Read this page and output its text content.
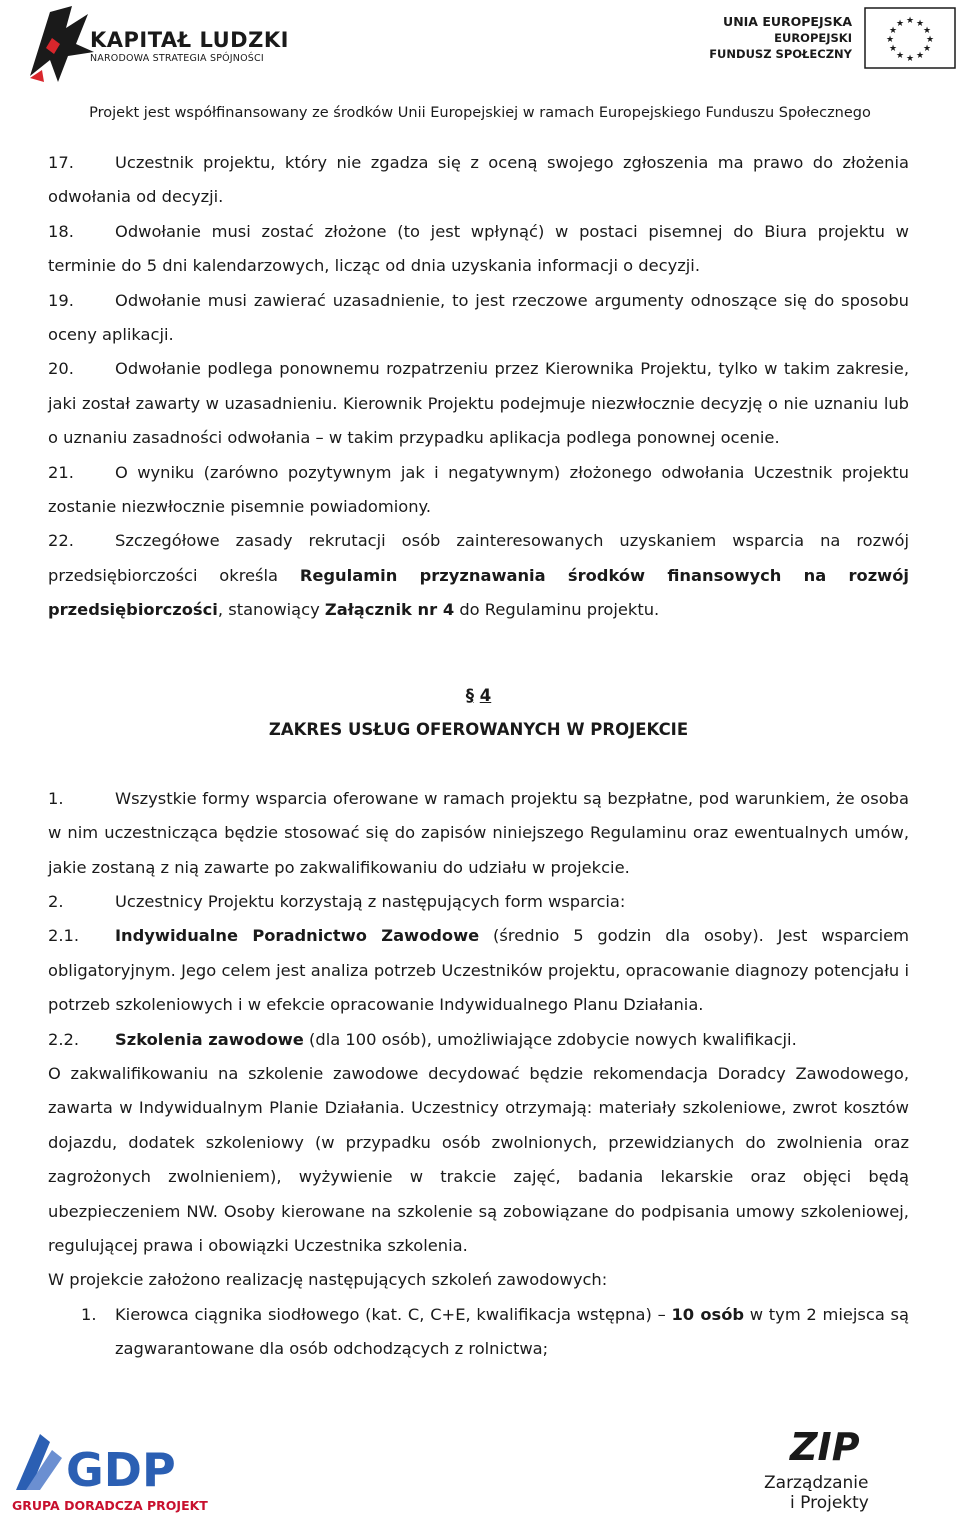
KAPITAŁ LUDZKI
NARODOWA STRATEGIA SPÓJNOŚCI
UNIA EUROPEJSKA
EUROPEJSKI
FUNDUSZ SPOŁECZNY
★ ★
★
★
★
★
★
★
★
★
★
★
Projekt jest współfinansowany ze środków Unii Europejskiej w ramach Europejskiego Funduszu Społecznego

17.	Uczestnik projektu, który nie zgadza się z oceną swojego zgłoszenia ma prawo do złożenia odwołania od decyzji.

18.	Odwołanie musi zostać złożone (to jest wpłynąć) w postaci pisemnej do Biura projektu w terminie do 5 dni kalendarzowych, licząc od dnia uzyskania informacji o decyzji.

19.	Odwołanie musi zawierać uzasadnienie, to jest rzeczowe argumenty odnoszące się do sposobu oceny aplikacji.

20.	Odwołanie podlega ponownemu rozpatrzeniu przez Kierownika Projektu, tylko w takim zakresie, jaki został zawarty w uzasadnieniu. Kierownik Projektu podejmuje niezwłocznie decyzję o nie uznaniu lub o uznaniu zasadności odwołania – w takim przypadku aplikacja podlega ponownej ocenie.

21.	O wyniku (zarówno pozytywnym jak i negatywnym) złożonego odwołania Uczestnik projektu zostanie niezwłocznie pisemnie powiadomiony.

22.	Szczegółowe zasady rekrutacji osób zainteresowanych uzyskaniem wsparcia na rozwój przedsiębiorczości określa Regulamin przyznawania środków finansowych na rozwój przedsiębiorczości, stanowiący Załącznik nr 4 do Regulaminu projektu.

§ 4

ZAKRES USŁUG OFEROWANYCH W PROJEKCIE

1.	Wszystkie formy wsparcia oferowane w ramach projektu są bezpłatne, pod warunkiem, że osoba w nim uczestnicząca będzie stosować się do zapisów niniejszego Regulaminu oraz ewentualnych umów, jakie zostaną z nią zawarte po zakwalifikowaniu do udziału w projekcie.

2.	Uczestnicy Projektu korzystają z następujących form wsparcia:

2.1. Indywidualne Poradnictwo Zawodowe (średnio 5 godzin dla osoby). Jest wsparciem obligatoryjnym. Jego celem jest analiza potrzeb Uczestników projektu, opracowanie diagnozy potencjału i potrzeb szkoleniowych i w efekcie opracowanie Indywidualnego Planu Działania.

2.2. Szkolenia zawodowe (dla 100 osób), umożliwiające zdobycie nowych kwalifikacji.

O zakwalifikowaniu na szkolenie zawodowe decydować będzie rekomendacja Doradcy Zawodowego, zawarta w Indywidualnym Planie Działania. Uczestnicy otrzymają: materiały szkoleniowe, zwrot kosztów dojazdu, dodatek szkoleniowy (w przypadku osób zwolnionych, przewidzianych do zwolnienia oraz zagrożonych zwolnieniem), wyżywienie w trakcie zajęć, badania lekarskie oraz objęci będą ubezpieczeniem NW. Osoby kierowane na szkolenie są zobowiązane do podpisania umowy szkoleniowej, regulującej prawa i obowiązki Uczestnika szkolenia.

W projekcie założono realizację następujących szkoleń zawodowych:

1. Kierowca ciągnika siodłowego (kat. C, C+E, kwalifikacja wstępna) – 10 osób w tym 2 miejsca są zagwarantowane dla osób odchodzących z rolnictwa;

GDP
GRUPA DORADCZA PROJEKT
ZIP
Zarządzanie
i Projekty
